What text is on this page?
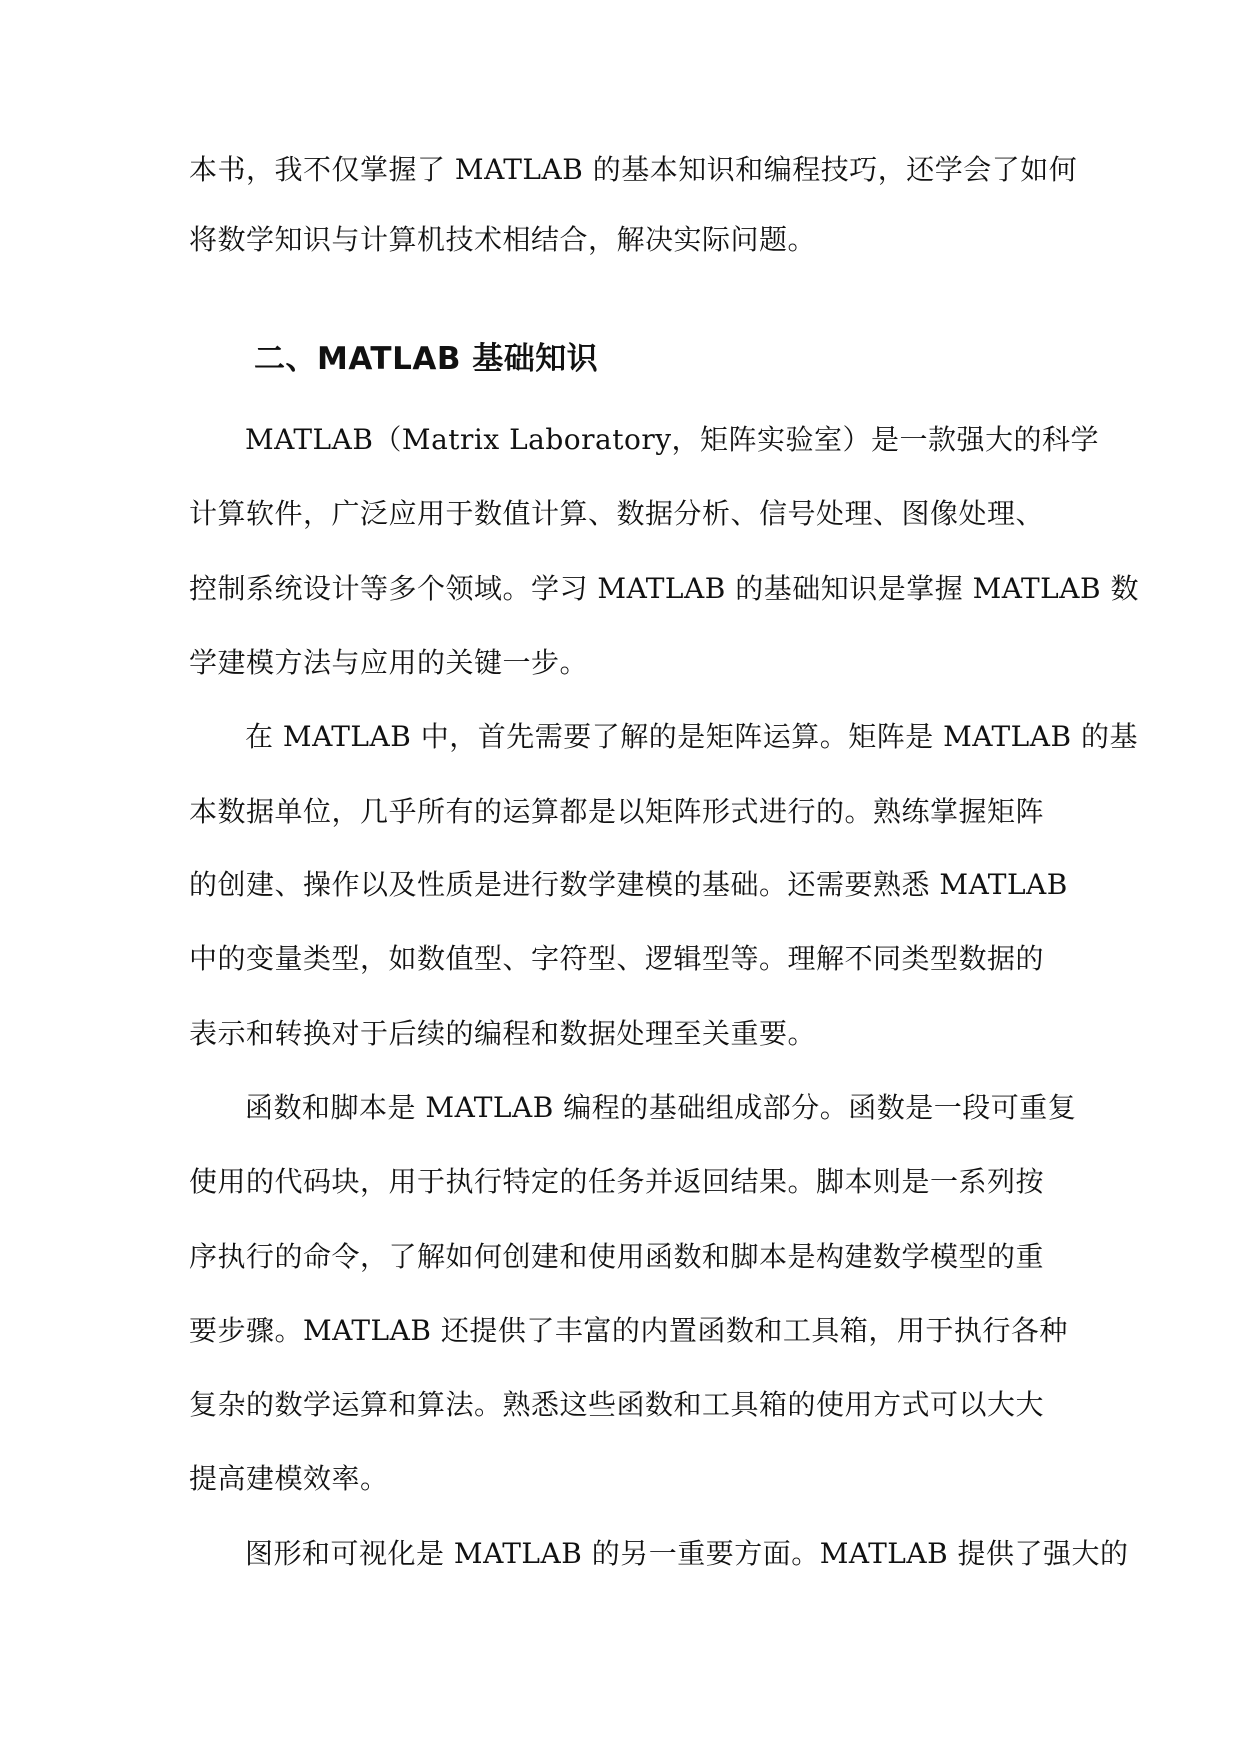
本书，我不仅掌握了 MATLAB 的基本知识和编程技巧，还学会了如何
将数学知识与计算机技术相结合，解决实际问题。
二、MATLAB 基础知识
MATLAB（Matrix Laboratory，矩阵实验室）是一款强大的科学
计算软件，广泛应用于数值计算、数据分析、信号处理、图像处理、
控制系统设计等多个领域。学习 MATLAB 的基础知识是掌握 MATLAB 数
学建模方法与应用的关键一步。
在 MATLAB 中，首先需要了解的是矩阵运算。矩阵是 MATLAB 的基
本数据单位，几乎所有的运算都是以矩阵形式进行的。熟练掌握矩阵
的创建、操作以及性质是进行数学建模的基础。还需要熟悉 MATLAB
中的变量类型，如数值型、字符型、逻辑型等。理解不同类型数据的
表示和转换对于后续的编程和数据处理至关重要。
函数和脚本是 MATLAB 编程的基础组成部分。函数是一段可重复
使用的代码块，用于执行特定的任务并返回结果。脚本则是一系列按
序执行的命令，了解如何创建和使用函数和脚本是构建数学模型的重
要步骤。MATLAB 还提供了丰富的内置函数和工具箱，用于执行各种
复杂的数学运算和算法。熟悉这些函数和工具箱的使用方式可以大大
提高建模效率。
图形和可视化是 MATLAB 的另一重要方面。MATLAB 提供了强大的
